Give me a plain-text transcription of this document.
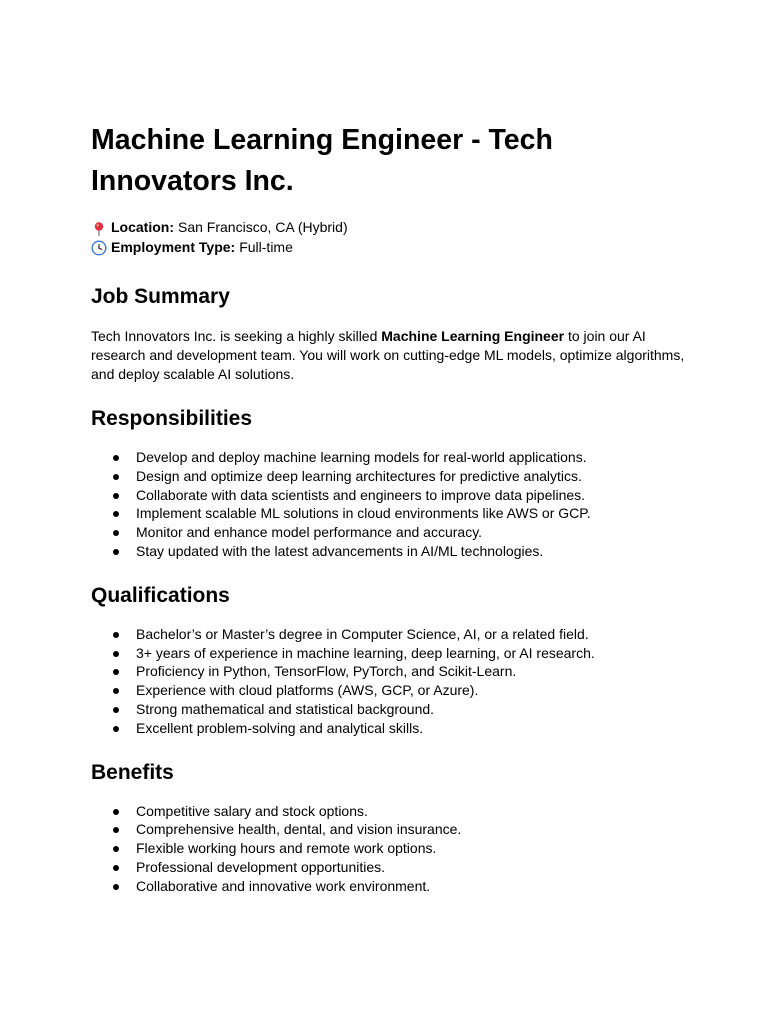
Machine Learning Engineer - Tech Innovators Inc.
Location: San Francisco, CA (Hybrid)
Employment Type: Full-time
Job Summary

Tech Innovators Inc. is seeking a highly skilled Machine Learning Engineer to join our AI research and development team. You will work on cutting-edge ML models, optimize algorithms, and deploy scalable AI solutions.

Responsibilities
Develop and deploy machine learning models for real-world applications.
Design and optimize deep learning architectures for predictive analytics.
Collaborate with data scientists and engineers to improve data pipelines.
Implement scalable ML solutions in cloud environments like AWS or GCP.
Monitor and enhance model performance and accuracy.
Stay updated with the latest advancements in AI/ML technologies.
Qualifications
Bachelor’s or Master’s degree in Computer Science, AI, or a related field.
3+ years of experience in machine learning, deep learning, or AI research.
Proficiency in Python, TensorFlow, PyTorch, and Scikit-Learn.
Experience with cloud platforms (AWS, GCP, or Azure).
Strong mathematical and statistical background.
Excellent problem-solving and analytical skills.
Benefits
Competitive salary and stock options.
Comprehensive health, dental, and vision insurance.
Flexible working hours and remote work options.
Professional development opportunities.
Collaborative and innovative work environment.
